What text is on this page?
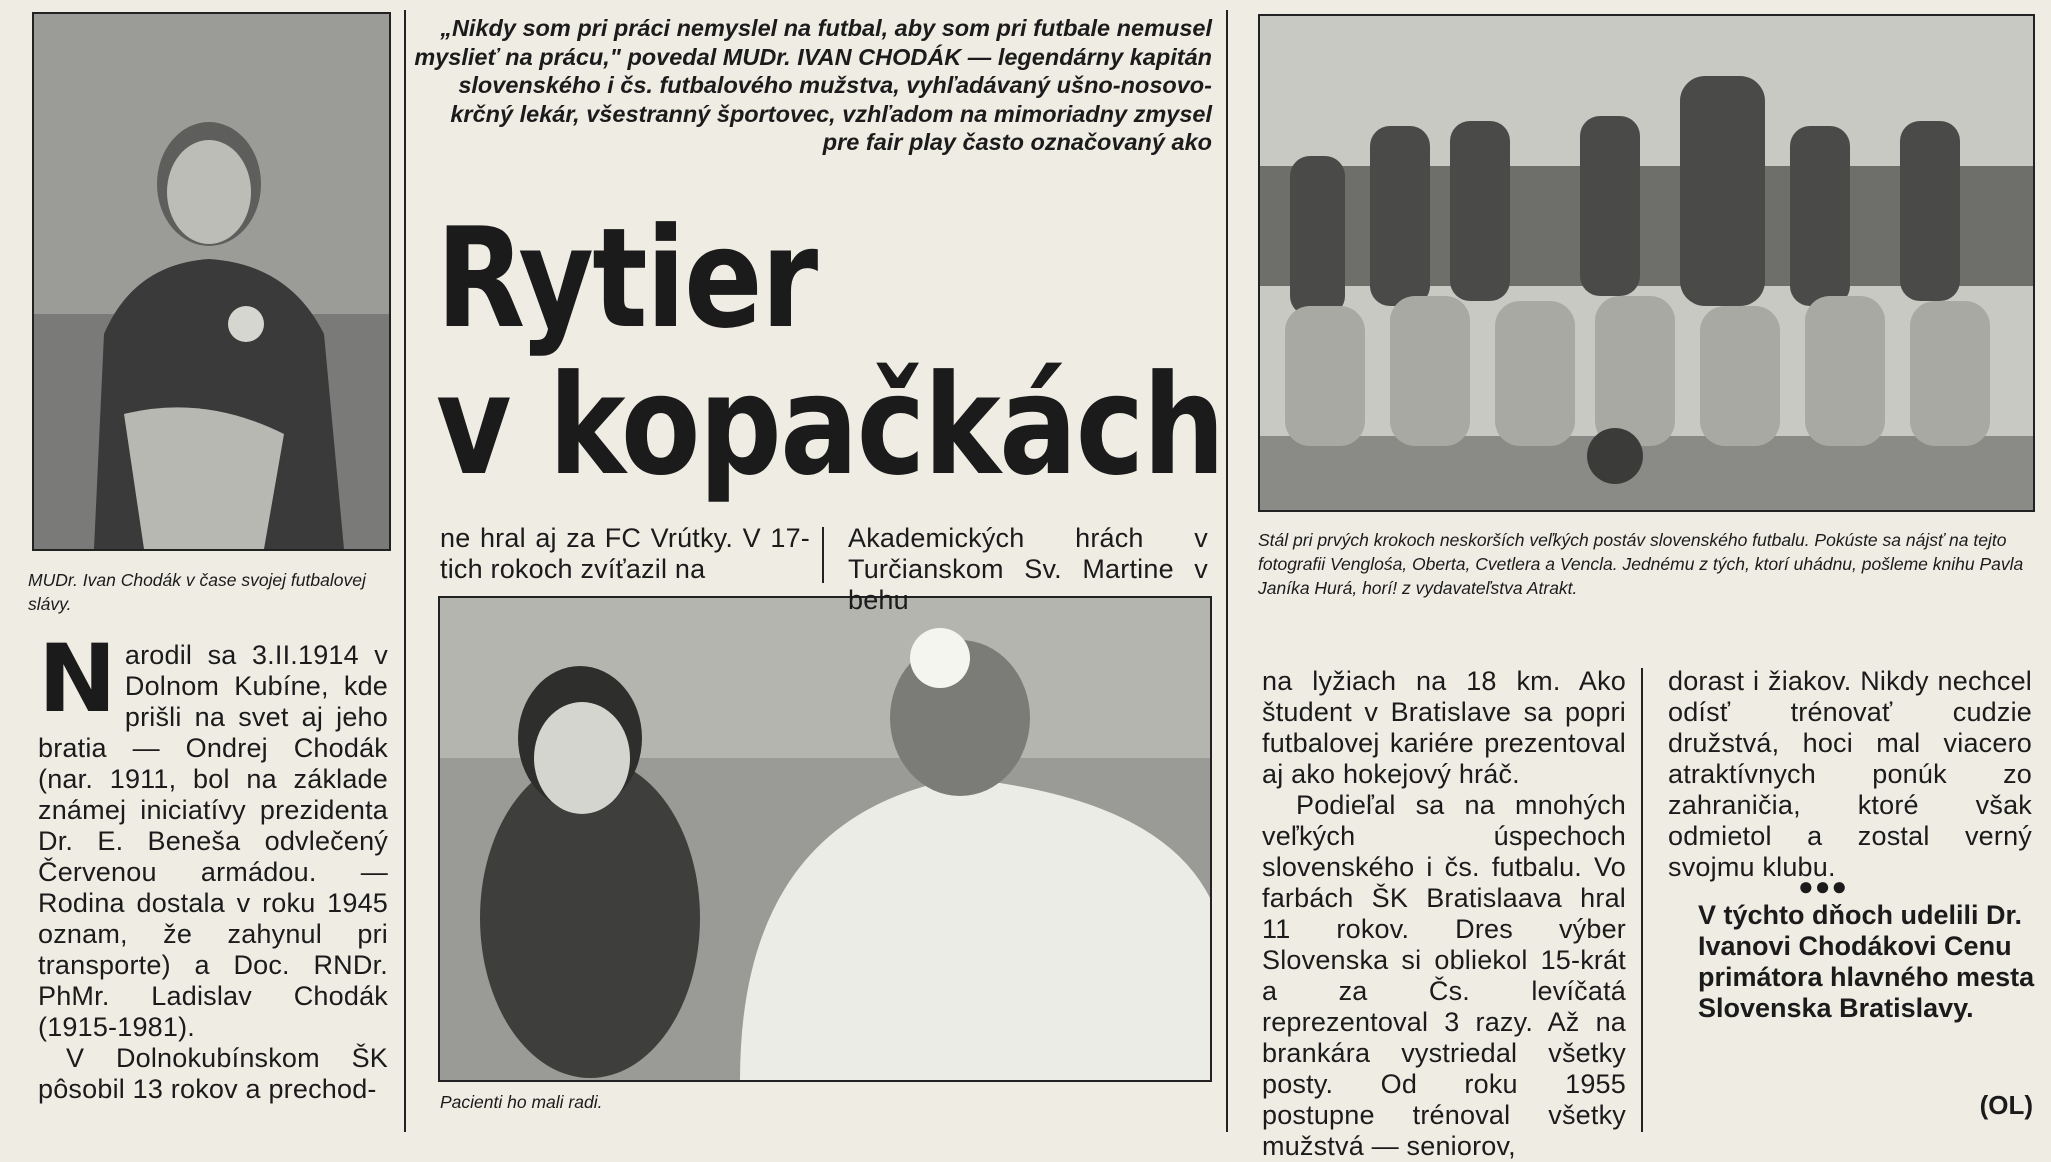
MUDr. Ivan Chodák v čase svojej futbalovej slávy.

„Nikdy som pri práci nemyslel na futbal, aby som pri futbale nemusel myslieť na prácu," povedal MUDr. IVAN CHODÁK — legendárny kapitán slovenského i čs. futbalového mužstva, vyhľadávaný ušno-nosovo-krčný lekár, všestranný športovec, vzhľadom na mimoriadny zmysel pre fair play často označovaný ako

Rytier
v kopačkách

Stál pri prvých krokoch neskorších veľkých postáv slovenského futbalu. Pokúste sa nájsť na tejto fotografii Venglośa, Oberta, Cvetlera a Vencla. Jednému z tých, ktorí uhádnu, pošleme knihu Pavla Janíka Hurá, horí! z vydavateľstva Atrakt.

Pacienti ho mali radi.

Narodil sa 3.II.1914 v Dolnom Kubíne, kde prišli na svet aj jeho bratia — Ondrej Chodák (nar. 1911, bol na základe známej iniciatívy prezidenta Dr. E. Beneša odvlečený Červenou armádou. — Rodina dostala v roku 1945 oznam, že zahynul pri transporte) a Doc. RNDr. PhMr. Ladislav Chodák (1915-1981).

V Dolnokubínskom ŠK pôsobil 13 rokov a prechod-

ne hral aj za FC Vrútky. V 17-tich rokoch zvíťazil na

Akademických hrách v Turčianskom Sv. Martine v behu

na lyžiach na 18 km. Ako študent v Bratislave sa popri futbalovej kariére prezentoval aj ako hokejový hráč.

Podieľal sa na mnohých veľkých úspechoch slovenského i čs. futbalu. Vo farbách ŠK Bratislaava hral 11 rokov. Dres výber Slovenska si obliekol 15-krát a za Čs. levíčatá reprezentoval 3 razy. Až na brankára vystriedal všetky posty. Od roku 1955 postupne trénoval všetky mužstvá — seniorov,

dorast i žiakov. Nikdy nechcel odísť trénovať cudzie družstvá, hoci mal viacero atraktívnych ponúk zo zahraničia, ktoré však odmietol a zostal verný svojmu klubu.

●●●

V týchto dňoch udelili Dr. Ivanovi Chodákovi Cenu primátora hlavného mesta Slovenska Bratislavy.

(OL)
